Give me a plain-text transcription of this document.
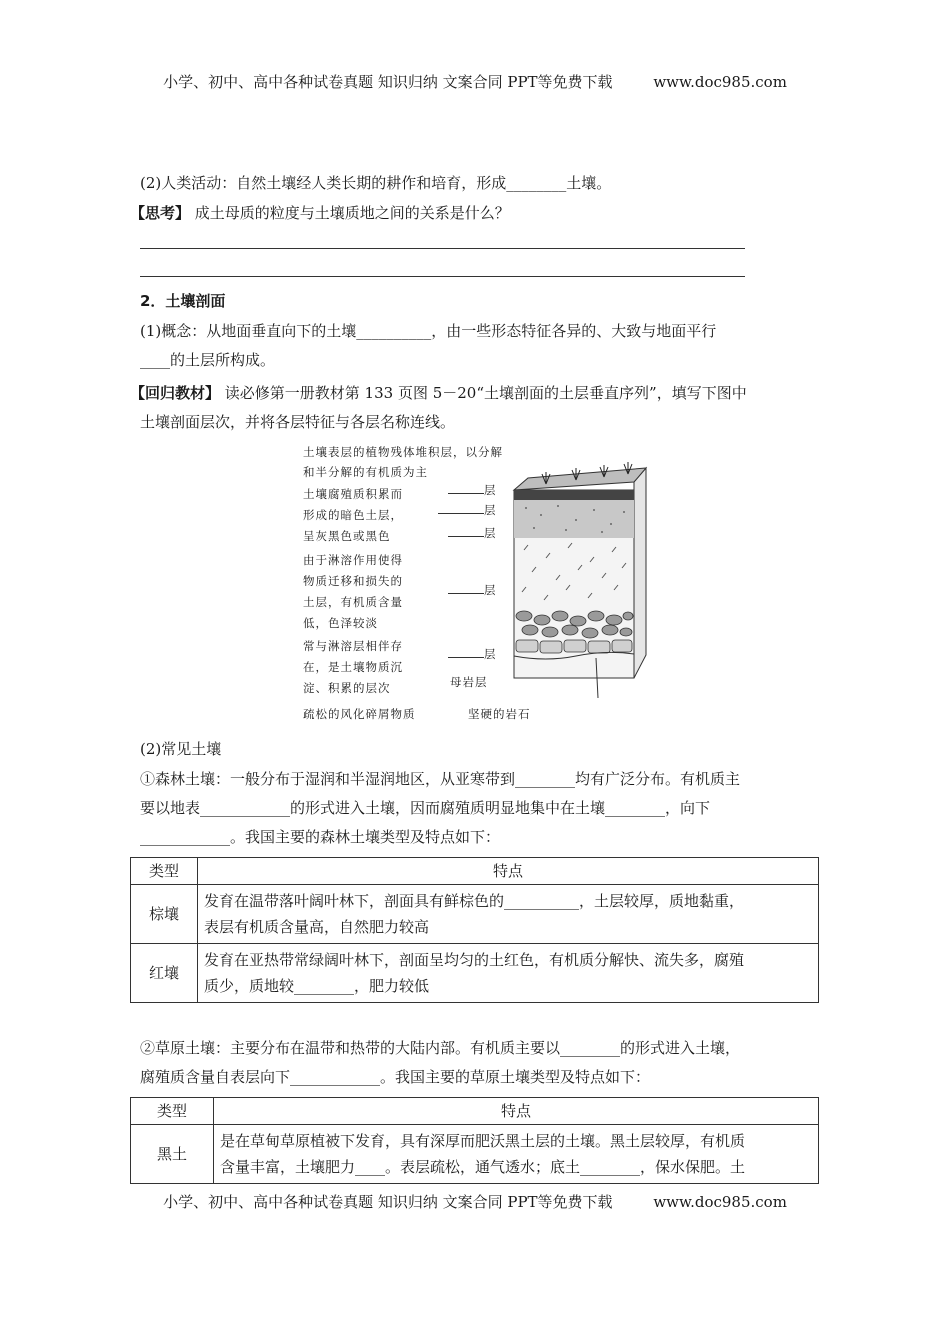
小学、初中、高中各种试卷真题 知识归纳 文案合同 PPT等免费下载	www.doc985.com
(2)人类活动：自然土壤经人类长期的耕作和培育，形成________土壤。
【思考】 成土母质的粒度与土壤质地之间的关系是什么？
2．土壤剖面
(1)概念：从地面垂直向下的土壤__________，由一些形态特征各异的、大致与地面平行
____的土层所构成。
【回归教材】 读必修第一册教材第 133 页图 5－20“土壤剖面的土层垂直序列”，填写下图中
土壤剖面层次，并将各层特征与各层名称连线。
土壤表层的植物残体堆积层，以分解
和半分解的有机质为主
土壤腐殖质积累而
形成的暗色土层，
呈灰黑色或黑色
由于淋溶作用使得
物质迁移和损失的
土层，有机质含量
低，色泽较淡
常与淋溶层相伴存
在，是土壤物质沉
淀、积累的层次
层
层
层
层
层
母岩层
疏松的风化碎屑物质	坚硬的岩石
(2)常见土壤
①森林土壤：一般分布于湿润和半湿润地区，从亚寒带到________均有广泛分布。有机质主
要以地表____________的形式进入土壤，因而腐殖质明显地集中在土壤________，向下
____________。我国主要的森林土壤类型及特点如下：
类型	特点
棕壤	发育在温带落叶阔叶林下，剖面具有鲜棕色的__________，土层较厚，质地黏重，
表层有机质含量高，自然肥力较高

红壤	发育在亚热带常绿阔叶林下，剖面呈均匀的土红色，有机质分解快、流失多，腐殖
质少，质地较________，肥力较低
②草原土壤：主要分布在温带和热带的大陆内部。有机质主要以________的形式进入土壤，
腐殖质含量自表层向下____________。我国主要的草原土壤类型及特点如下：
类型	特点
黑土	是在草甸草原植被下发育，具有深厚而肥沃黑土层的土壤。黑土层较厚，有机质
含量丰富，土壤肥力____。表层疏松，通气透水；底土________，保水保肥。土
小学、初中、高中各种试卷真题 知识归纳 文案合同 PPT等免费下载	www.doc985.com
